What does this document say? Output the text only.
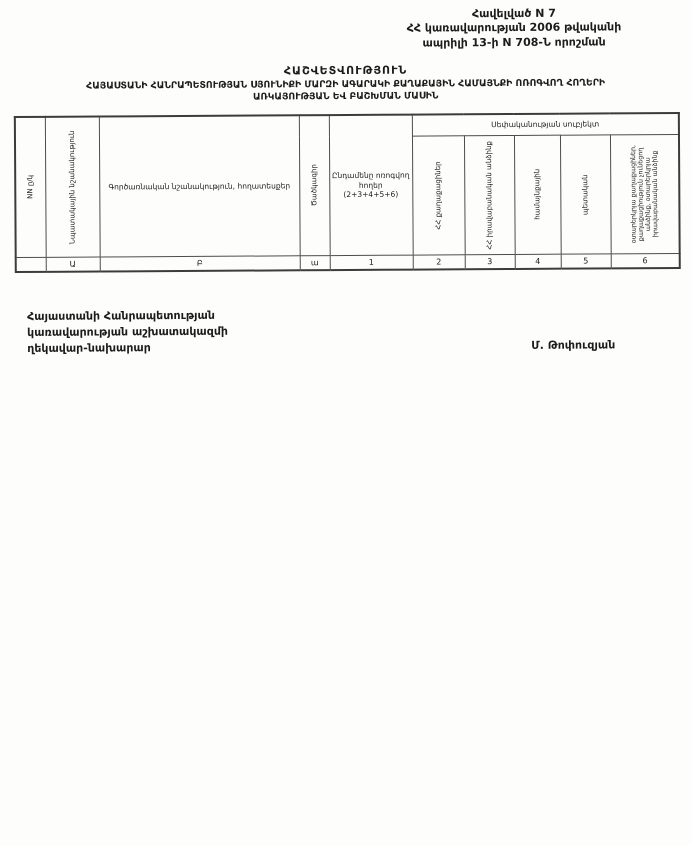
Հավելված N 7
ՀՀ կառավարության 2006 թվականի
ապրիլի 13-ի N 708-Ն որոշման
ՀԱՇՎԵՏՎՈՒԹՅՈՒՆ
ՀԱՅԱՍՏԱՆԻ ՀԱՆՐԱՊԵՏՈՒԹՅԱՆ ՍՅՈՒՆԻՔԻ ՄԱՐԶԻ ԱԳԱՐԱԿԻ ՔԱՂԱՔԱՅԻՆ ՀԱՄԱՅՆՔԻ ՈՌՈԳՎՈՂ ՀՈՂԵՐԻ
ԱՌԿԱՅՈՒԹՅԱՆ ԵՎ ԲԱՇԽՄԱՆ ՄԱՍԻՆ
NN ը/կ	Նպատակային նշանակություն	Գործառնական նշանակություն, հողատեսքեր	Ծածկագիր	Ընդամենը ոռոգվող հողեր (2+3+4+5+6)	Սեփականության սուբյեկտ				

					ՀՀ քաղաքացիներ	ՀՀ իրավաբանական անձինք	համայնքային	պետական	օտարերկրյա քաղաքացիներ, քաղաքացիություն չունեցող անձինք, օտարերկրյա իրավաբանական անձինք

	Ա	Բ	ա	1	2	3	4	5	6
Հայաստանի Հանրապետության
կառավարության աշխատակազմի
ղեկավար-նախարար	Մ. Թոփուզյան
